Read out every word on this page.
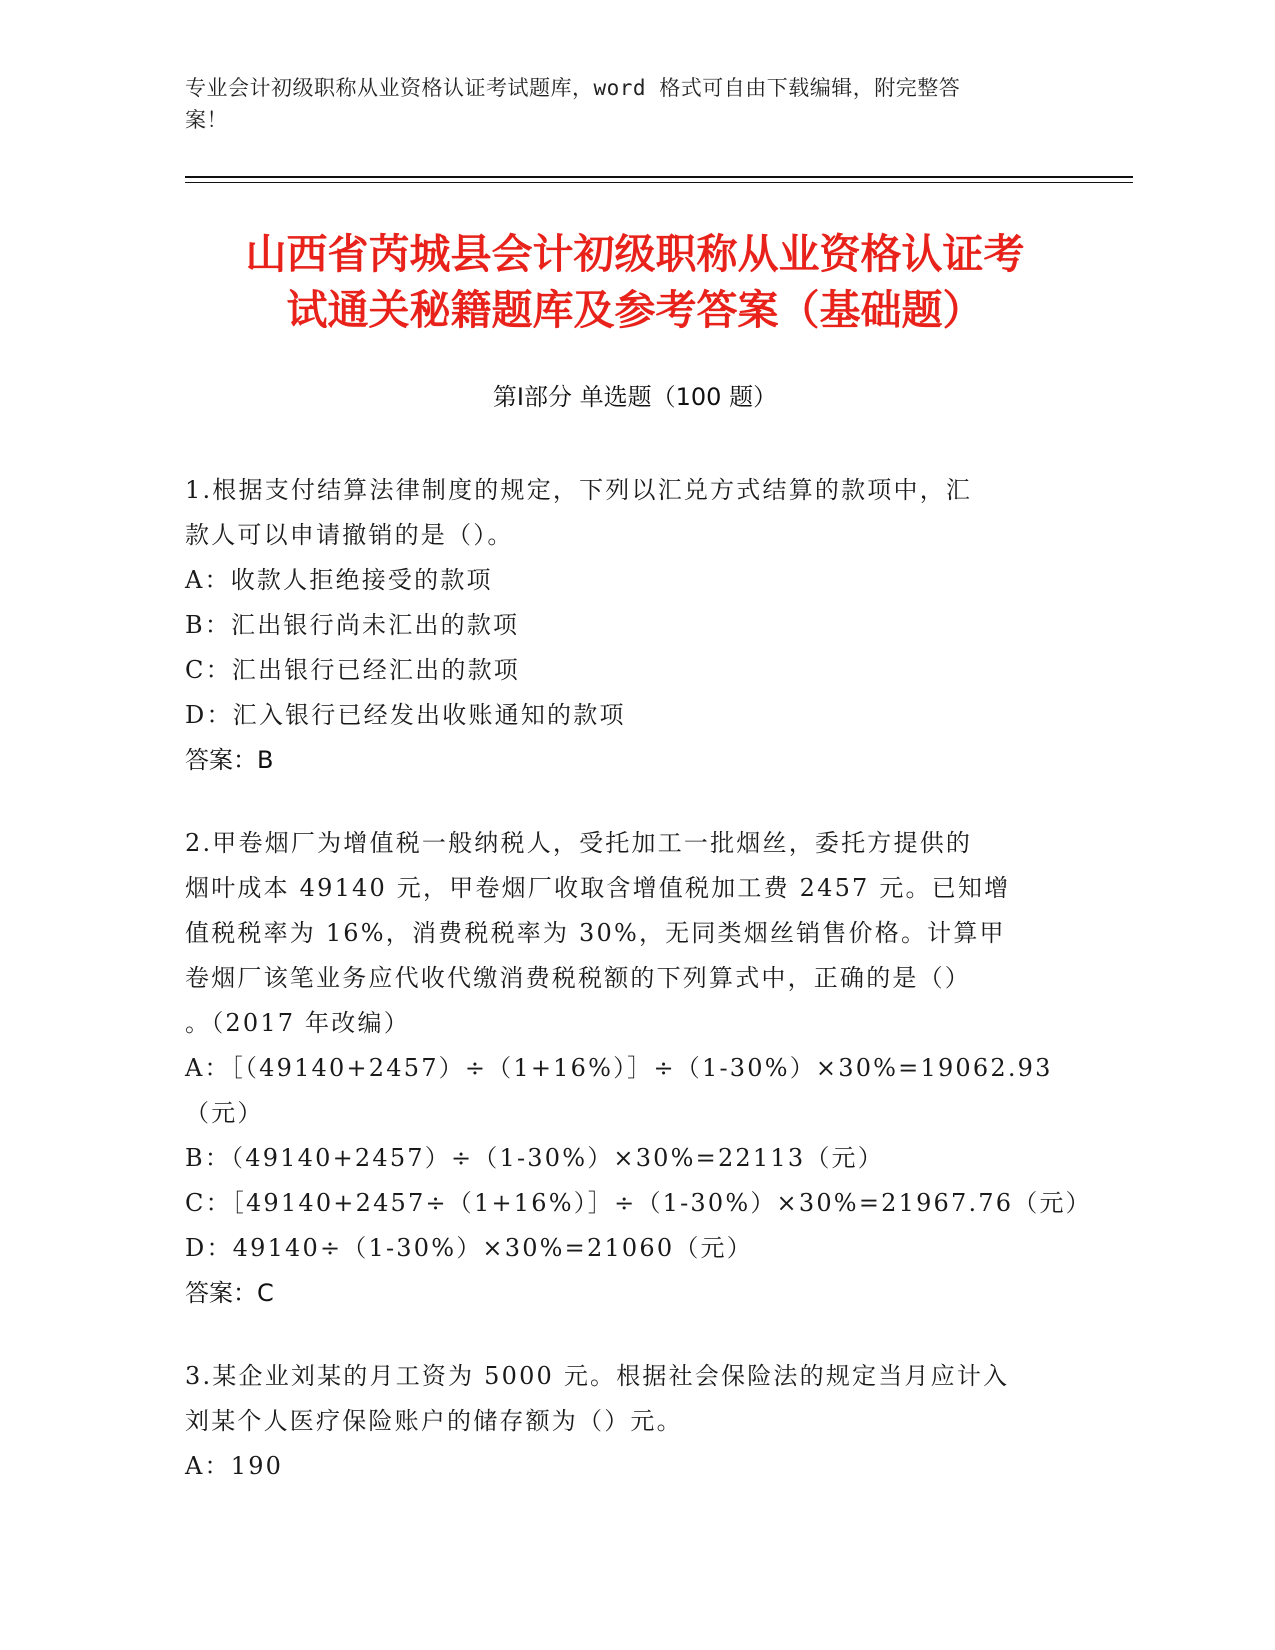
专业会计初级职称从业资格认证考试题库，word 格式可自由下载编辑，附完整答
案！
山西省芮城县会计初级职称从业资格认证考
试通关秘籍题库及参考答案（基础题）
第Ⅰ部分 单选题（100 题）

1.根据支付结算法律制度的规定，下列以汇兑方式结算的款项中，汇

款人可以申请撤销的是（）。

A：收款人拒绝接受的款项

B：汇出银行尚未汇出的款项

C：汇出银行已经汇出的款项

D：汇入银行已经发出收账通知的款项

答案：B

2.甲卷烟厂为增值税一般纳税人，受托加工一批烟丝，委托方提供的

烟叶成本 49140 元，甲卷烟厂收取含增值税加工费 2457 元。已知增

值税税率为 16%，消费税税率为 30%，无同类烟丝销售价格。计算甲

卷烟厂该笔业务应代收代缴消费税税额的下列算式中，正确的是（）

。（2017 年改编）

A：［（49140+2457）÷（1+16%）］÷（1-30%）×30%=19062.93（元）

B：（49140+2457）÷（1-30%）×30%=22113（元）

C：［49140+2457÷（1+16%）］÷（1-30%）×30%=21967.76（元）

D：49140÷（1-30%）×30%=21060（元）

答案：C

3.某企业刘某的月工资为 5000 元。根据社会保险法的规定当月应计入

刘某个人医疗保险账户的储存额为（）元。

A：190
